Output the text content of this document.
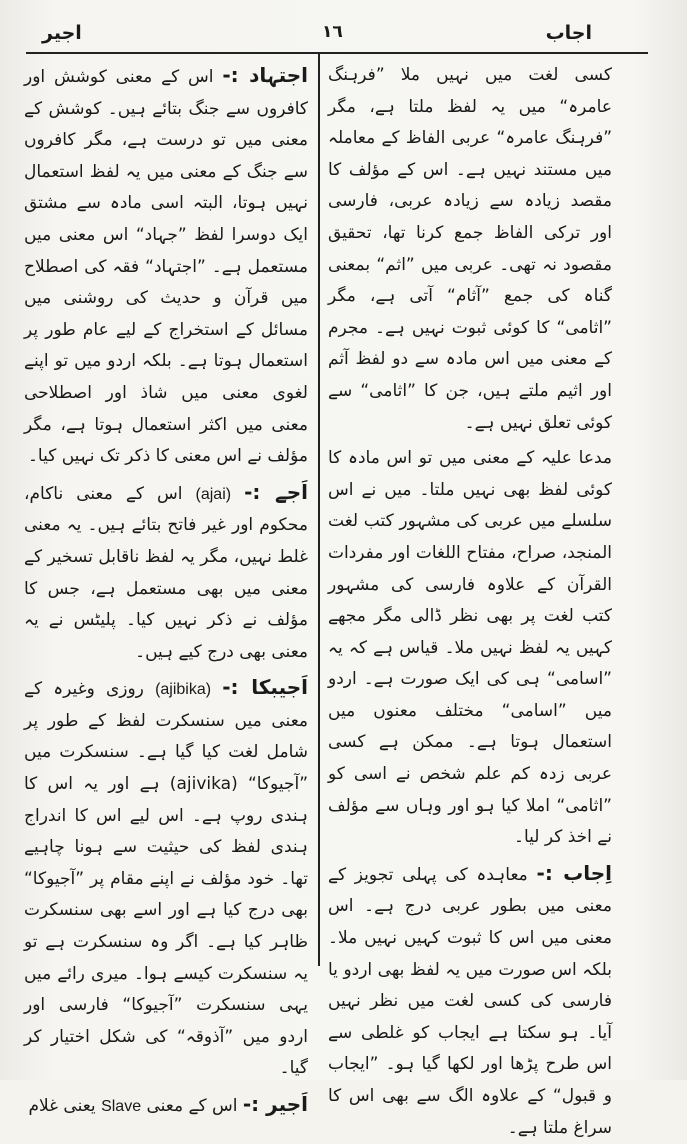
اجاب
١٦
اجیر

کسی لغت میں نہیں ملا ”فرہنگ عامرہ“ میں یہ لفظ ملتا ہے، مگر ”فرہنگ عامرہ“ عربی الفاظ کے معاملہ میں مستند نہیں ہے۔ اس کے مؤلف کا مقصد زیادہ سے زیادہ عربی، فارسی اور ترکی الفاظ جمع کرنا تھا، تحقیق مقصود نہ تھی۔ عربی میں ”اثم“ بمعنی گناہ کی جمع ”آثام“ آتی ہے، مگر ”اثامی“ کا کوئی ثبوت نہیں ہے۔ مجرم کے معنی میں اس مادہ سے دو لفظ آثم اور اثیم ملتے ہیں، جن کا ”اثامی“ سے کوئی تعلق نہیں ہے۔

مدعا علیہ کے معنی میں تو اس مادہ کا کوئی لفظ بھی نہیں ملتا۔ میں نے اس سلسلے میں عربی کی مشہور کتب لغت المنجد، صراح، مفتاح اللغات اور مفردات القرآن کے علاوہ فارسی کی مشہور کتب لغت پر بھی نظر ڈالی مگر مجھے کہیں یہ لفظ نہیں ملا۔ قیاس ہے کہ یہ ”اسامی“ ہی کی ایک صورت ہے۔ اردو میں ”اسامی“ مختلف معنوں میں استعمال ہوتا ہے۔ ممکن ہے کسی عربی زدہ کم علم شخص نے اسی کو ”اثامی“ املا کیا ہو اور وہاں سے مؤلف نے اخذ کر لیا۔

اِجاب :- معاہدہ کی پہلی تجویز کے معنی میں بطور عربی درج ہے۔ اس معنی میں اس کا ثبوت کہیں نہیں ملا۔ بلکہ اس صورت میں یہ لفظ بھی اردو یا فارسی کی کسی لغت میں نظر نہیں آیا۔ ہو سکتا ہے ایجاب کو غلطی سے اس طرح پڑھا اور لکھا گیا ہو۔ ”ایجاب و قبول“ کے علاوہ الگ سے بھی اس کا سراغ ملتا ہے۔

اجتہاد :- اس کے معنی کوشش اور کافروں سے جنگ بتائے ہیں۔ کوشش کے معنی میں تو درست ہے، مگر کافروں سے جنگ کے معنی میں یہ لفظ استعمال نہیں ہوتا، البتہ اسی مادہ سے مشتق ایک دوسرا لفظ ”جہاد“ اس معنی میں مستعمل ہے۔ ”اجتہاد“ فقہ کی اصطلاح میں قرآن و حدیث کی روشنی میں مسائل کے استخراج کے لیے عام طور پر استعمال ہوتا ہے۔ بلکہ اردو میں تو اپنے لغوی معنی میں شاذ اور اصطلاحی معنی میں اکثر استعمال ہوتا ہے، مگر مؤلف نے اس معنی کا ذکر تک نہیں کیا۔

اَجے :- (ajai) اس کے معنی ناکام، محکوم اور غیر فاتح بتائے ہیں۔ یہ معنی غلط نہیں، مگر یہ لفظ ناقابل تسخیر کے معنی میں بھی مستعمل ہے، جس کا مؤلف نے ذکر نہیں کیا۔ پلیٹس نے یہ معنی بھی درج کیے ہیں۔

اَجیبکا :- (ajibika) روزی وغیرہ کے معنی میں سنسکرت لفظ کے طور پر شامل لغت کیا گیا ہے۔ سنسکرت میں ”آجیوکا“ (ajivika) ہے اور یہ اس کا ہندی روپ ہے۔ اس لیے اس کا اندراج ہندی لفظ کی حیثیت سے ہونا چاہیے تھا۔ خود مؤلف نے اپنے مقام پر ”آجیوکا“ بھی درج کیا ہے اور اسے بھی سنسکرت ظاہر کیا ہے۔ اگر وہ سنسکرت ہے تو یہ سنسکرت کیسے ہوا۔ میری رائے میں یہی سنسکرت ”آجیوکا“ فارسی اور اردو میں ”آذوقہ“ کی شکل اختیار کر گیا۔

اَجیر :- اس کے معنی Slave یعنی غلام
